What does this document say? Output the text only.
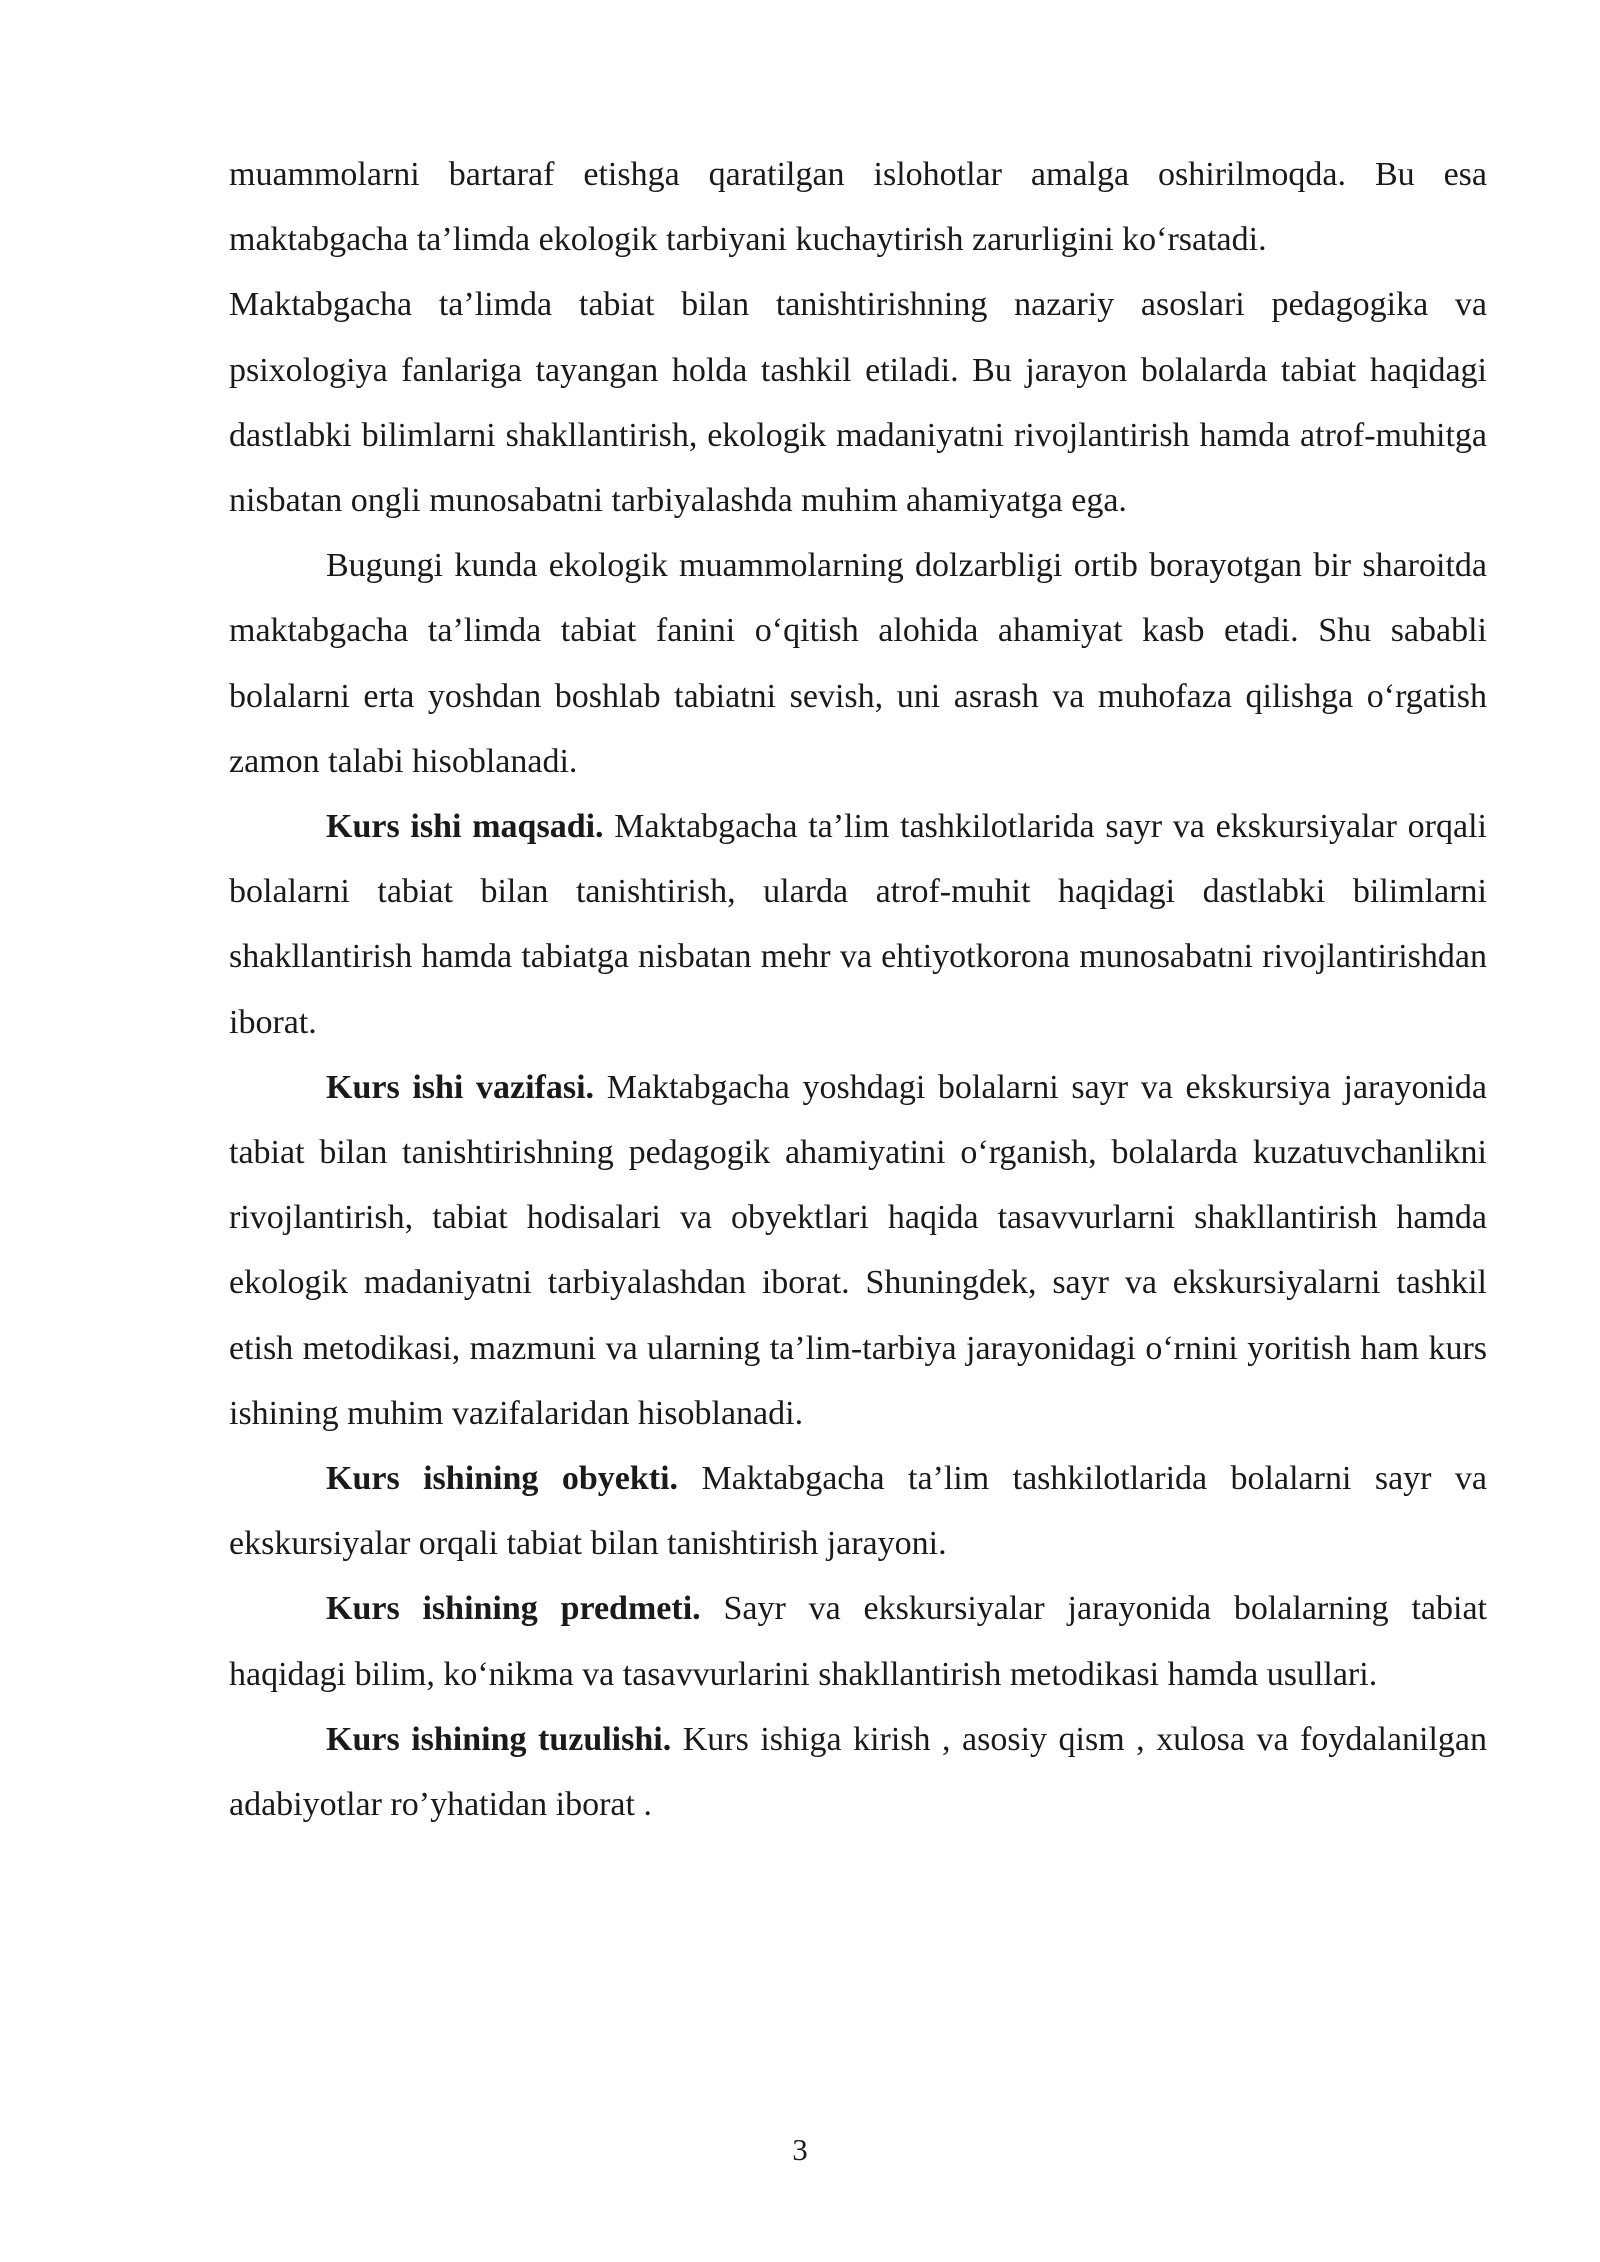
muammolarni bartaraf etishga qaratilgan islohotlar amalga oshirilmoqda. Bu esa maktabgacha ta’limda ekologik tarbiyani kuchaytirish zarurligini ko‘rsatadi.

Maktabgacha ta’limda tabiat bilan tanishtirishning nazariy asoslari pedagogika va psixologiya fanlariga tayangan holda tashkil etiladi. Bu jarayon bolalarda tabiat haqidagi dastlabki bilimlarni shakllantirish, ekologik madaniyatni rivojlantirish hamda atrof-muhitga nisbatan ongli munosabatni tarbiyalashda muhim ahamiyatga ega.

Bugungi kunda ekologik muammolarning dolzarbligi ortib borayotgan bir sharoitda maktabgacha ta’limda tabiat fanini o‘qitish alohida ahamiyat kasb etadi. Shu sababli bolalarni erta yoshdan boshlab tabiatni sevish, uni asrash va muhofaza qilishga o‘rgatish zamon talabi hisoblanadi.

Kurs ishi maqsadi. Maktabgacha ta’lim tashkilotlarida sayr va ekskursiyalar orqali bolalarni tabiat bilan tanishtirish, ularda atrof-muhit haqidagi dastlabki bilimlarni shakllantirish hamda tabiatga nisbatan mehr va ehtiyotkorona munosabatni rivojlantirishdan iborat.

Kurs ishi vazifasi. Maktabgacha yoshdagi bolalarni sayr va ekskursiya jarayonida tabiat bilan tanishtirishning pedagogik ahamiyatini o‘rganish, bolalarda kuzatuvchanlikni rivojlantirish, tabiat hodisalari va obyektlari haqida tasavvurlarni shakllantirish hamda ekologik madaniyatni tarbiyalashdan iborat. Shuningdek, sayr va ekskursiyalarni tashkil etish metodikasi, mazmuni va ularning ta’lim-tarbiya jarayonidagi o‘rnini yoritish ham kurs ishining muhim vazifalaridan hisoblanadi.

Kurs ishining obyekti. Maktabgacha ta’lim tashkilotlarida bolalarni sayr va ekskursiyalar orqali tabiat bilan tanishtirish jarayoni.

Kurs ishining predmeti. Sayr va ekskursiyalar jarayonida bolalarning tabiat haqidagi bilim, ko‘nikma va tasavvurlarini shakllantirish metodikasi hamda usullari.

Kurs ishining tuzulishi. Kurs ishiga kirish , asosiy qism , xulosa va foydalanilgan adabiyotlar ro’yhatidan iborat .

3
